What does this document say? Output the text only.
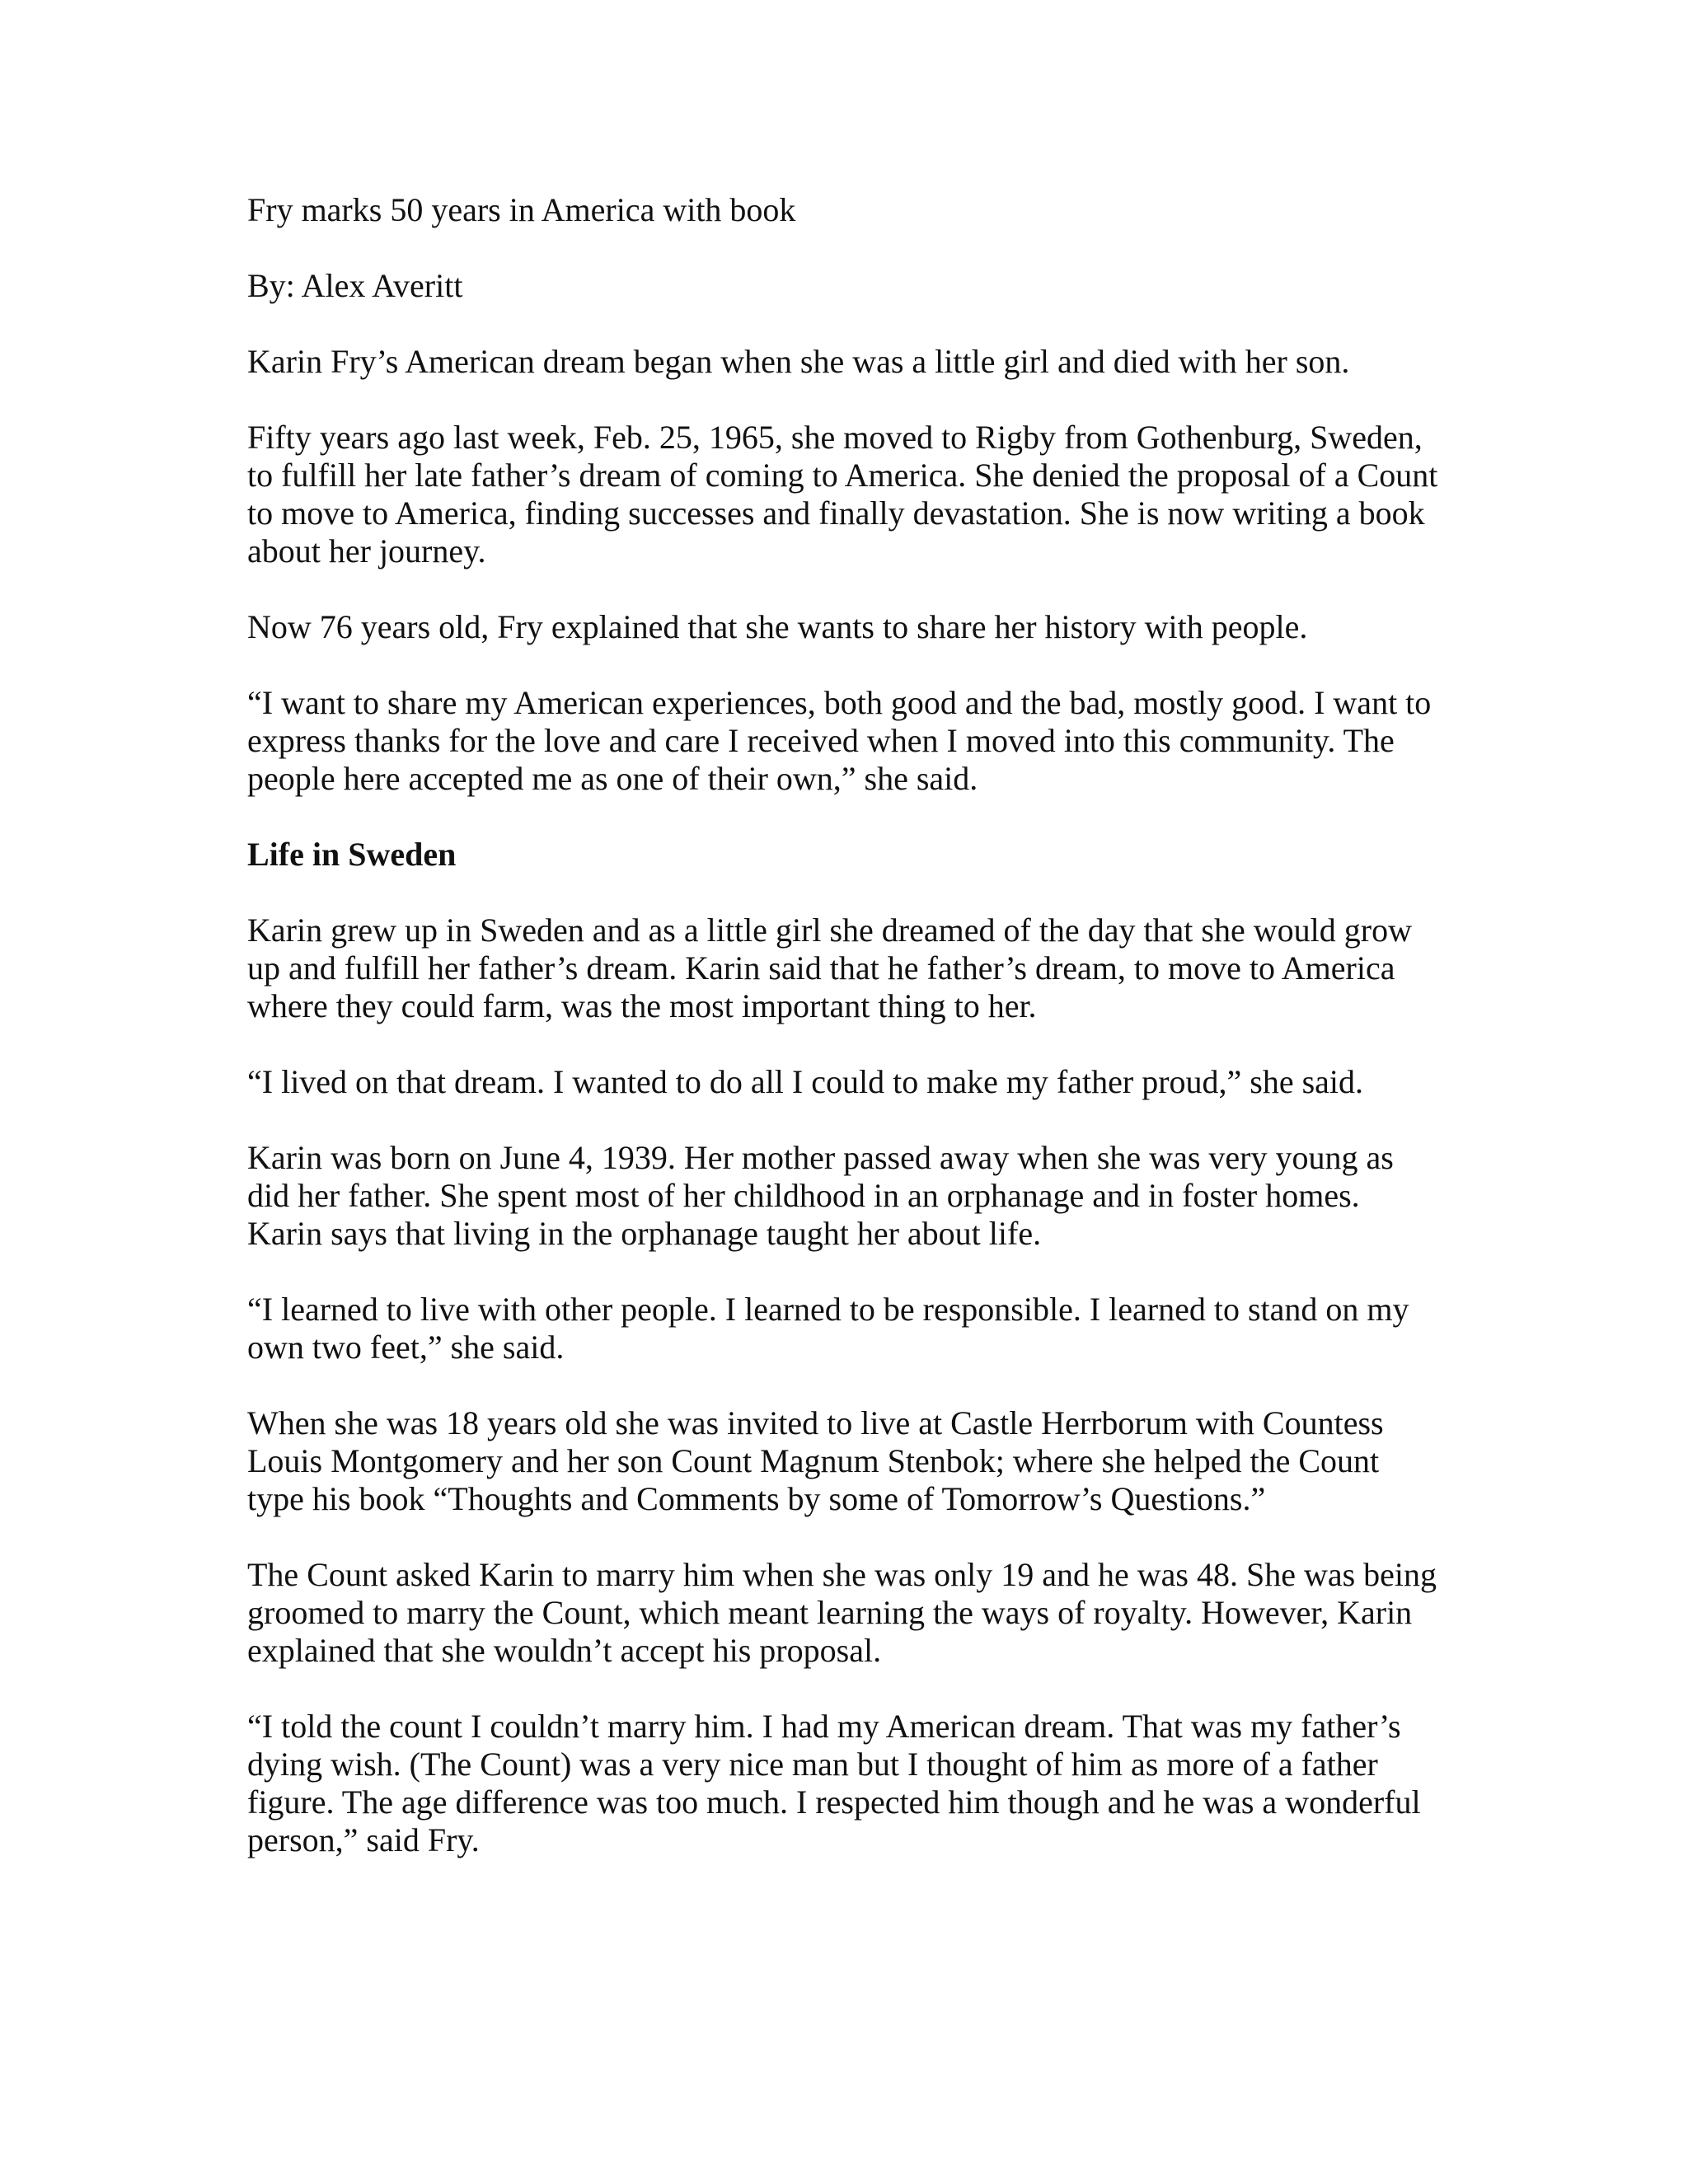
Fry marks 50 years in America with book

By: Alex Averitt

Karin Fry’s American dream began when she was a little girl and died with her son.

Fifty years ago last week, Feb. 25, 1965, she moved to Rigby from Gothenburg, Sweden, to fulfill her late father’s dream of coming to America. She denied the proposal of a Count to move to America, finding successes and finally devastation. She is now writing a book about her journey.

Now 76 years old, Fry explained that she wants to share her history with people.

“I want to share my American experiences, both good and the bad, mostly good. I want to express thanks for the love and care I received when I moved into this community. The people here accepted me as one of their own,” she said.

Life in Sweden

Karin grew up in Sweden and as a little girl she dreamed of the day that she would grow up and fulfill her father’s dream. Karin said that he father’s dream, to move to America where they could farm, was the most important thing to her.

“I lived on that dream. I wanted to do all I could to make my father proud,” she said.

Karin was born on June 4, 1939. Her mother passed away when she was very young as did her father. She spent most of her childhood in an orphanage and in foster homes. Karin says that living in the orphanage taught her about life.

“I learned to live with other people. I learned to be responsible. I learned to stand on my own two feet,” she said.

When she was 18 years old she was invited to live at Castle Herrborum with Countess Louis Montgomery and her son Count Magnum Stenbok; where she helped the Count type his book “Thoughts and Comments by some of Tomorrow’s Questions.”

The Count asked Karin to marry him when she was only 19 and he was 48. She was being groomed to marry the Count, which meant learning the ways of royalty. However, Karin explained that she wouldn’t accept his proposal.

“I told the count I couldn’t marry him. I had my American dream. That was my father’s dying wish. (The Count) was a very nice man but I thought of him as more of a father figure. The age difference was too much. I respected him though and he was a wonderful person,” said Fry.
